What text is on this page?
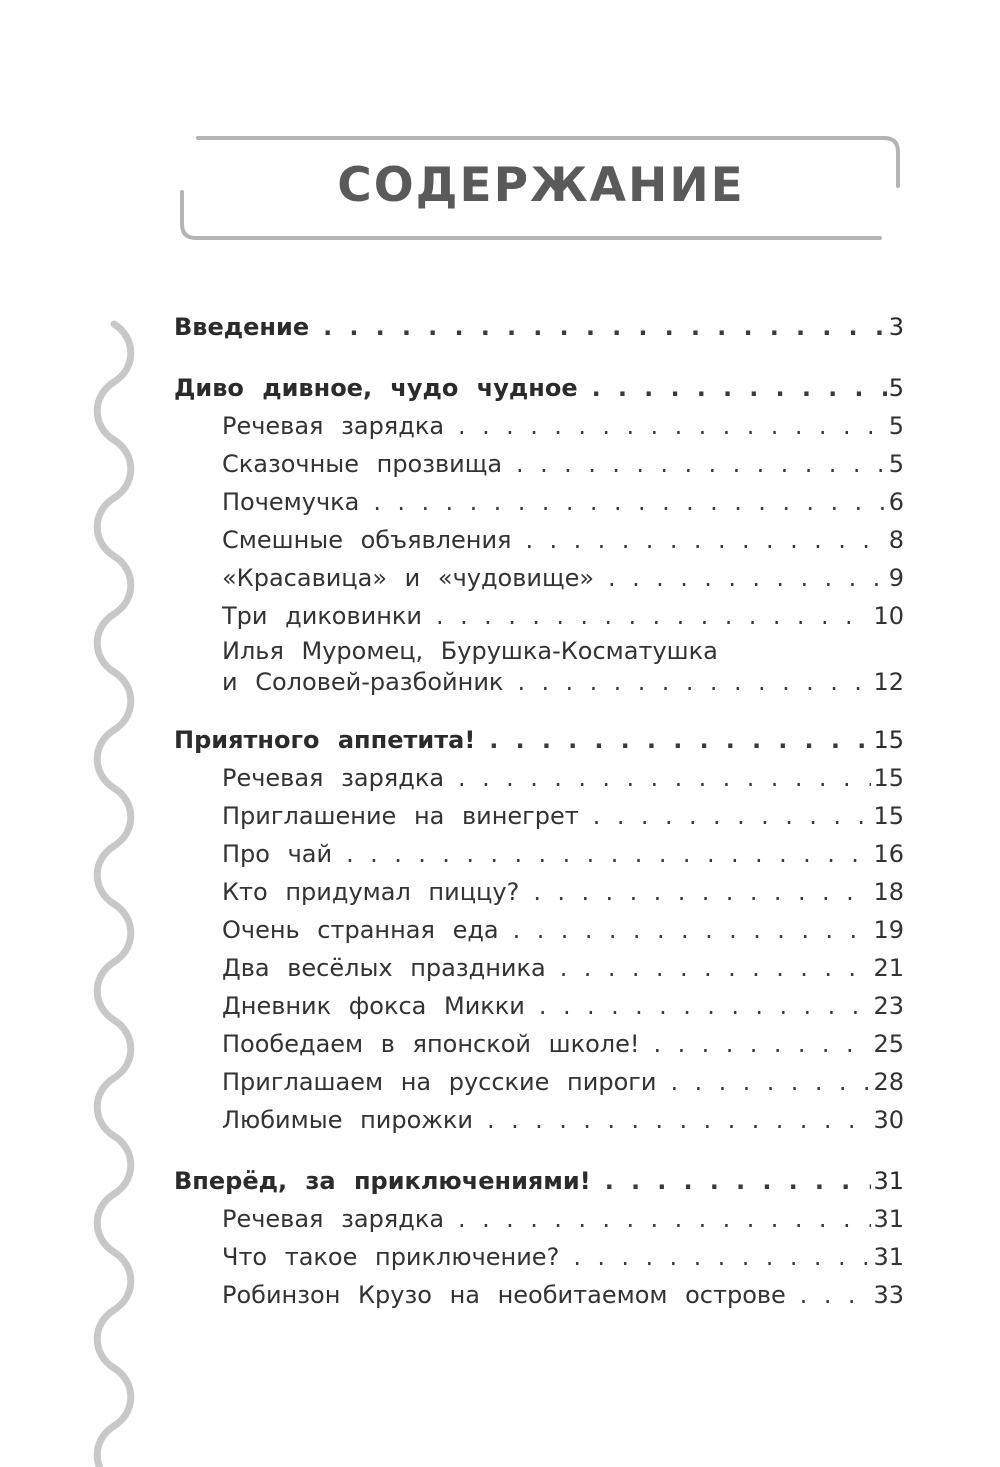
СОДЕРЖАНИЕ
Введение . . .	3
Диво дивное, чудо чудное . . .	5
Речевая зарядка . . .	5
Сказочные прозвища . . .	5
Почемучка . . .	6
Смешные объявления . . .	8
«Красавица» и «чудовище» . . .	9
Три диковинки . . .	10
Илья Муромец, Бурушка-Косматушка
и Соловей-разбойник . . .	12
Приятного аппетита! . . .	15
Речевая зарядка . . .	15
Приглашение на винегрет . . .	15
Про чай . . .	16
Кто придумал пиццу? . . .	18
Очень странная еда . . .	19
Два весёлых праздника . . .	21
Дневник фокса Микки . . .	23
Пообедаем в японской школе! . . .	25
Приглашаем на русские пироги . . .	28
Любимые пирожки . . .	30
Вперёд, за приключениями! . . .	31
Речевая зарядка . . .	31
Что такое приключение? . . .	31
Робинзон Крузо на необитаемом острове . . .	33
